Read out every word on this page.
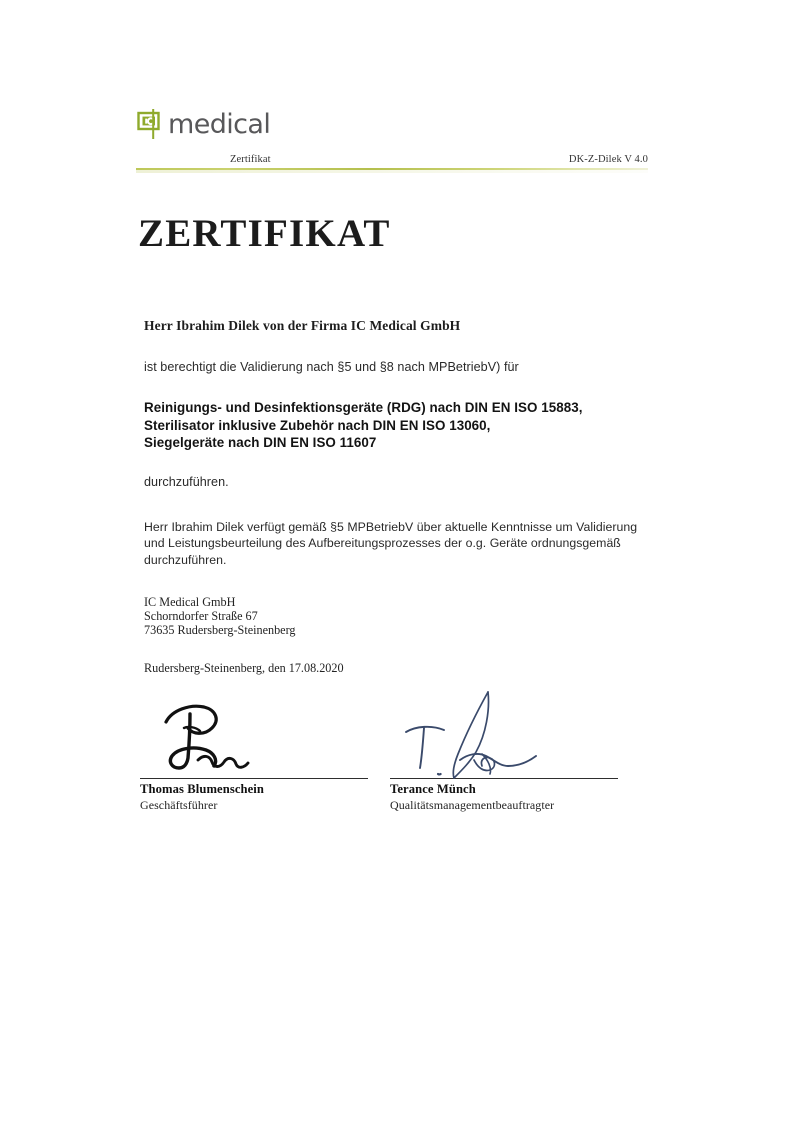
medical
Zertifikat	DK-Z-Dilek V 4.0
ZERTIFIKAT
Herr Ibrahim Dilek von der Firma IC Medical GmbH
ist berechtigt die Validierung nach §5 und §8 nach MPBetriebV) für
Reinigungs- und Desinfektionsgeräte (RDG) nach DIN EN ISO 15883,
Sterilisator inklusive Zubehör nach DIN EN ISO 13060,
Siegelgeräte nach DIN EN ISO 11607
durchzuführen.
Herr Ibrahim Dilek verfügt gemäß §5 MPBetriebV über aktuelle Kenntnisse um Validierung und Leistungsbeurteilung des Aufbereitungsprozesses der o.g. Geräte ordnungsgemäß durchzuführen.
IC Medical GmbH
Schorndorfer Straße 67
73635 Rudersberg-Steinenberg
Rudersberg-Steinenberg, den 17.08.2020
Thomas Blumenschein
Geschäftsführer
Terance Münch
Qualitätsmanagementbeauftragter
